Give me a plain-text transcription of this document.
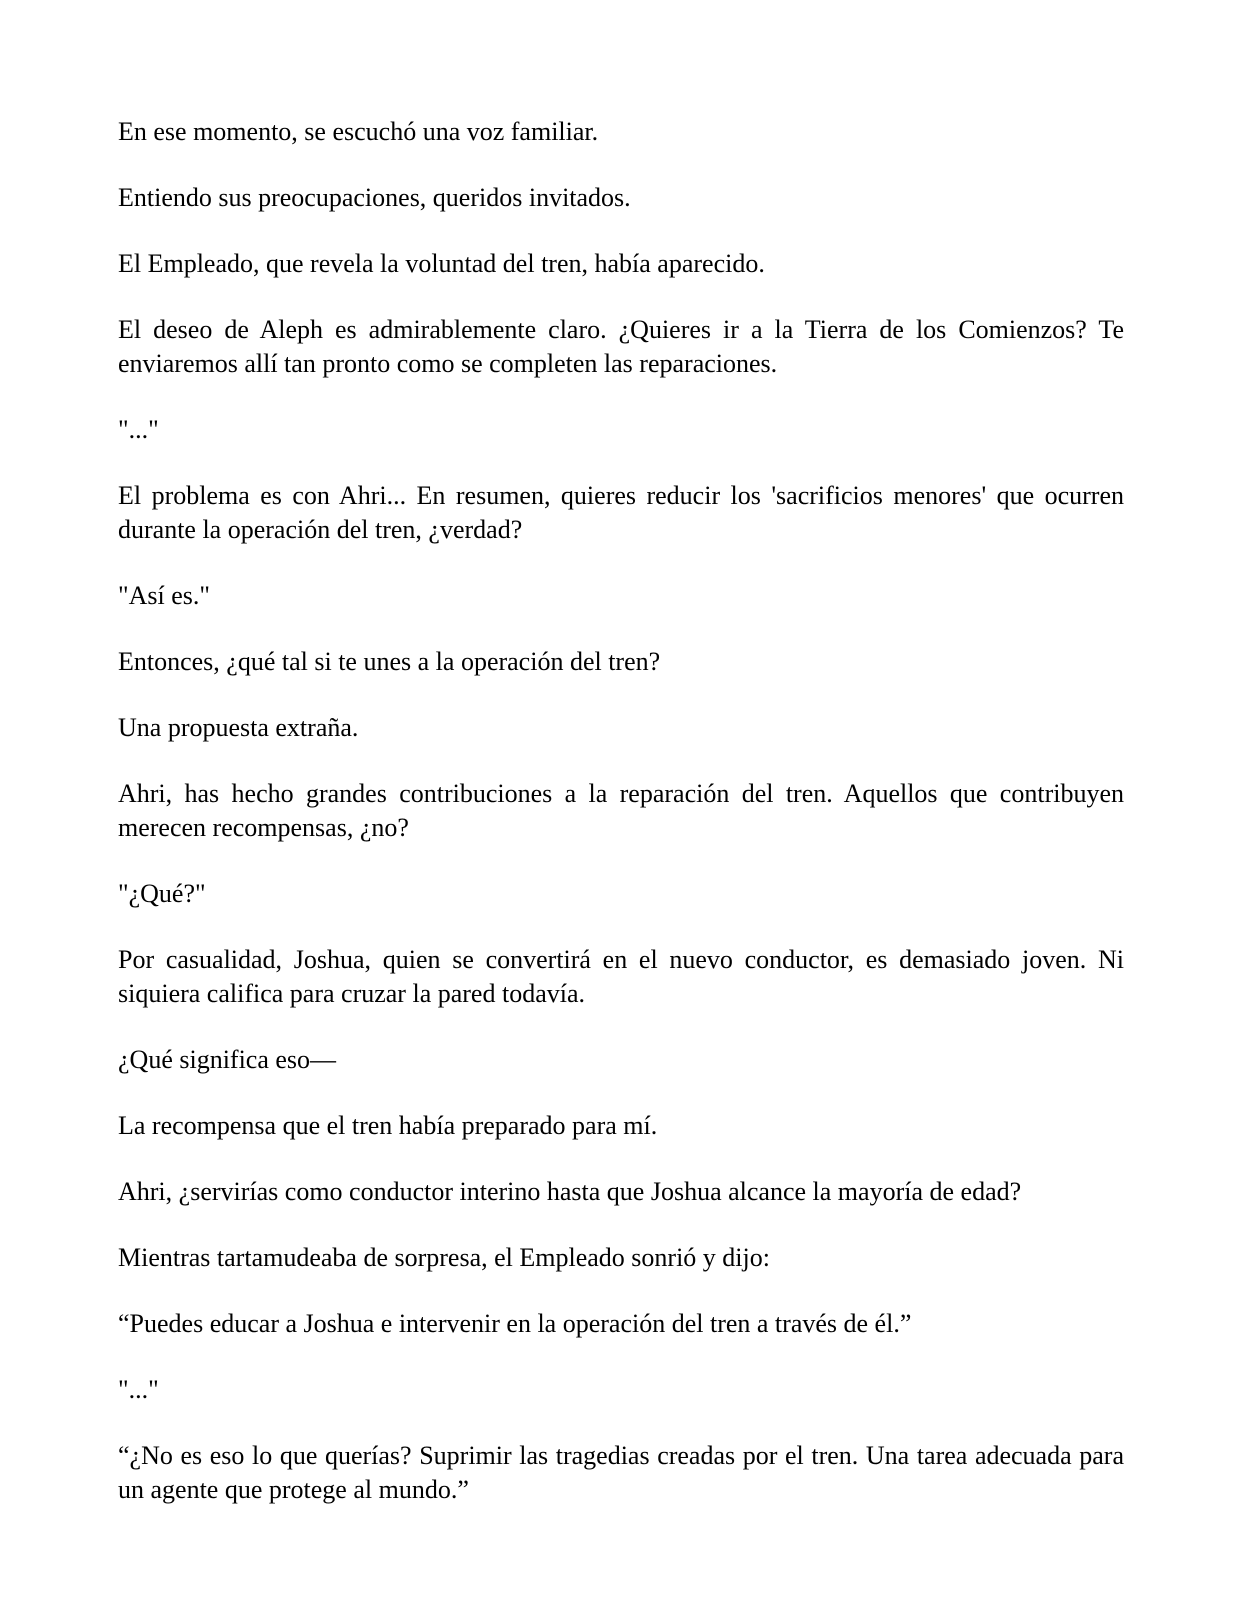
En ese momento, se escuchó una voz familiar.

Entiendo sus preocupaciones, queridos invitados.

El Empleado, que revela la voluntad del tren, había aparecido.

El deseo de Aleph es admirablemente claro. ¿Quieres ir a la Tierra de los Comienzos? Te enviaremos allí tan pronto como se completen las reparaciones.

"..."

El problema es con Ahri... En resumen, quieres reducir los 'sacrificios menores' que ocurren durante la operación del tren, ¿verdad?

"Así es."

Entonces, ¿qué tal si te unes a la operación del tren?

Una propuesta extraña.

Ahri, has hecho grandes contribuciones a la reparación del tren. Aquellos que contribuyen merecen recompensas, ¿no?

"¿Qué?"

Por casualidad, Joshua, quien se convertirá en el nuevo conductor, es demasiado joven. Ni siquiera califica para cruzar la pared todavía.

¿Qué significa eso—

La recompensa que el tren había preparado para mí.

Ahri, ¿servirías como conductor interino hasta que Joshua alcance la mayoría de edad?

Mientras tartamudeaba de sorpresa, el Empleado sonrió y dijo:

“Puedes educar a Joshua e intervenir en la operación del tren a través de él.”

"..."

“¿No es eso lo que querías? Suprimir las tragedias creadas por el tren. Una tarea adecuada para un agente que protege al mundo.”
